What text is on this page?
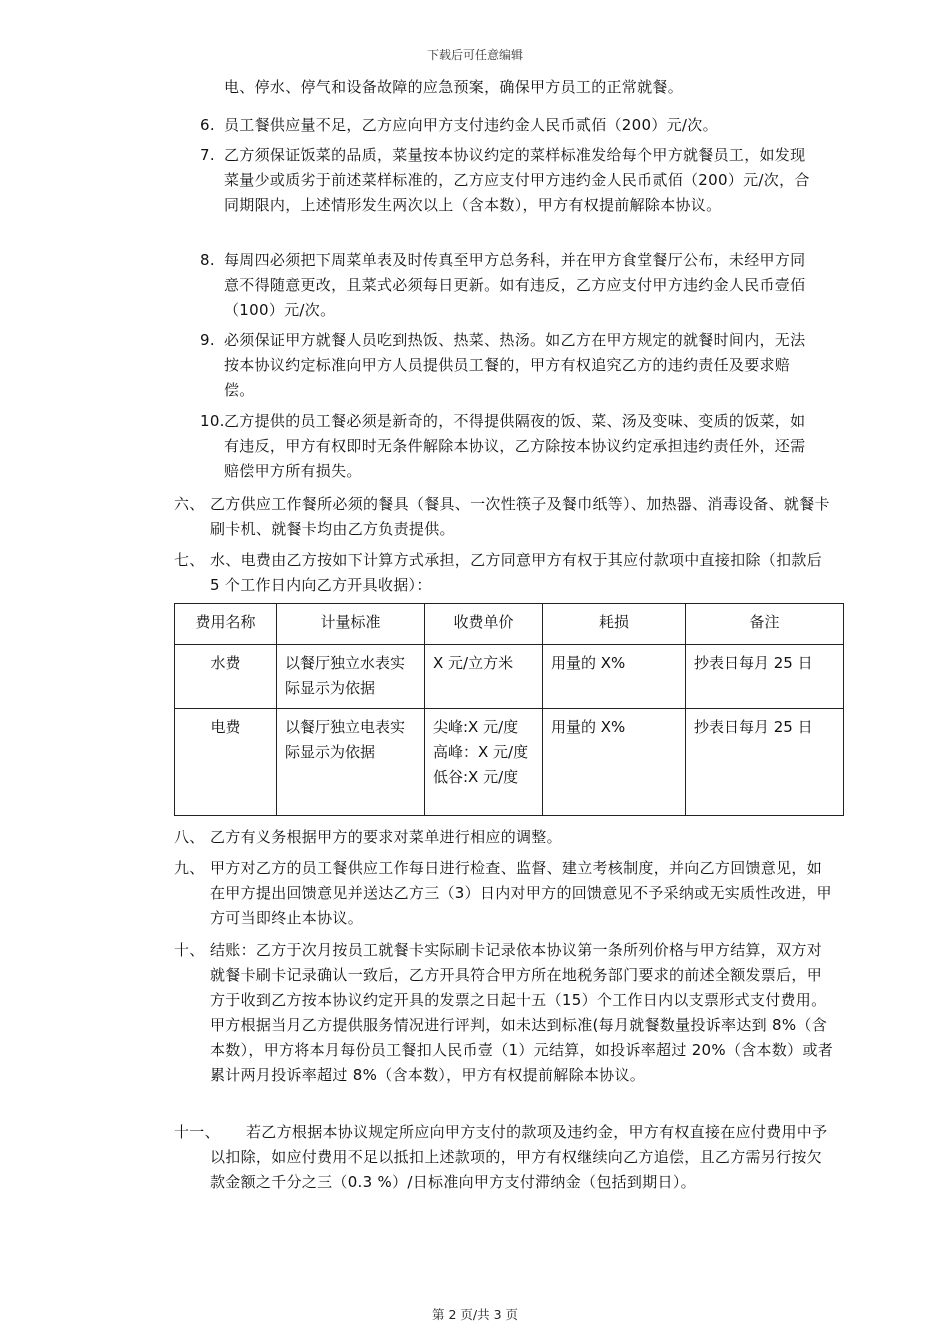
下载后可任意编辑
电、停水、停气和设备故障的应急预案，确保甲方员工的正常就餐。
6. 员工餐供应量不足，乙方应向甲方支付违约金人民币贰佰（200）元/次。
7. 乙方须保证饭菜的品质，菜量按本协议约定的菜样标准发给每个甲方就餐员工，如发现菜量少或质劣于前述菜样标准的，乙方应支付甲方违约金人民币贰佰（200）元/次，合同期限内，上述情形发生两次以上（含本数），甲方有权提前解除本协议。
8. 每周四必须把下周菜单表及时传真至甲方总务科，并在甲方食堂餐厅公布，未经甲方同意不得随意更改，且菜式必须每日更新。如有违反，乙方应支付甲方违约金人民币壹佰（100）元/次。
9. 必须保证甲方就餐人员吃到热饭、热菜、热汤。如乙方在甲方规定的就餐时间内，无法按本协议约定标准向甲方人员提供员工餐的，甲方有权追究乙方的违约责任及要求赔偿。
10. 乙方提供的员工餐必须是新奇的，不得提供隔夜的饭、菜、汤及变味、变质的饭菜，如有违反，甲方有权即时无条件解除本协议，乙方除按本协议约定承担违约责任外，还需赔偿甲方所有损失。
六、 乙方供应工作餐所必须的餐具（餐具、一次性筷子及餐巾纸等）、加热器、消毒设备、就餐卡刷卡机、就餐卡均由乙方负责提供。
七、 水、电费由乙方按如下计算方式承担，乙方同意甲方有权于其应付款项中直接扣除（扣款后 5 个工作日内向乙方开具收据）：
费用名称	计量标准	收费单价	耗损	备注
水费	以餐厅独立水表实际显示为依据	X 元/立方米	用量的 X%	抄表日每月 25 日
电费	以餐厅独立电表实际显示为依据	尖峰:X 元/度　高峰：X 元/度　低谷:X 元/度	用量的 X%	抄表日每月 25 日
八、 乙方有义务根据甲方的要求对菜单进行相应的调整。
九、 甲方对乙方的员工餐供应工作每日进行检查、监督、建立考核制度，并向乙方回馈意见，如在甲方提出回馈意见并送达乙方三（3）日内对甲方的回馈意见不予采纳或无实质性改进，甲方可当即终止本协议。
十、 结账：乙方于次月按员工就餐卡实际刷卡记录依本协议第一条所列价格与甲方结算，双方对就餐卡刷卡记录确认一致后，乙方开具符合甲方所在地税务部门要求的前述全额发票后，甲方于收到乙方按本协议约定开具的发票之日起十五（15）个工作日内以支票形式支付费用。甲方根据当月乙方提供服务情况进行评判，如未达到标准(每月就餐数量投诉率达到 8%（含本数），甲方将本月每份员工餐扣人民币壹（1）元结算，如投诉率超过 20%（含本数）或者累计两月投诉率超过 8%（含本数），甲方有权提前解除本协议。
十一、	若乙方根据本协议规定所应向甲方支付的款项及违约金，甲方有权直接在应付费用中予以扣除，如应付费用不足以抵扣上述款项的，甲方有权继续向乙方追偿，且乙方需另行按欠款金额之千分之三（0.3 %）/日标准向甲方支付滞纳金（包括到期日）。
第 2 页/共 3 页
